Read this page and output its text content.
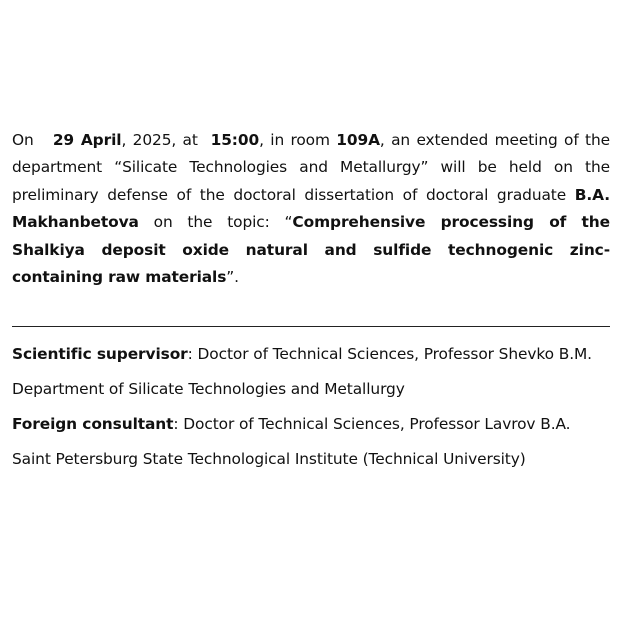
On   29 April, 2025, at  15:00, in room 109A, an extended meeting of the department “Silicate Technologies and Metallurgy” will be held on the preliminary defense of the doctoral dissertation of doctoral graduate B.A. Makhanbetova on the topic: “Comprehensive processing of the Shalkiya deposit oxide natural and sulfide technogenic zinc-containing raw materials”.

Scientific supervisor: Doctor of Technical Sciences, Professor Shevko B.M.

Department of Silicate Technologies and Metallurgy

Foreign consultant: Doctor of Technical Sciences, Professor Lavrov B.A.

Saint Petersburg State Technological Institute (Technical University)
